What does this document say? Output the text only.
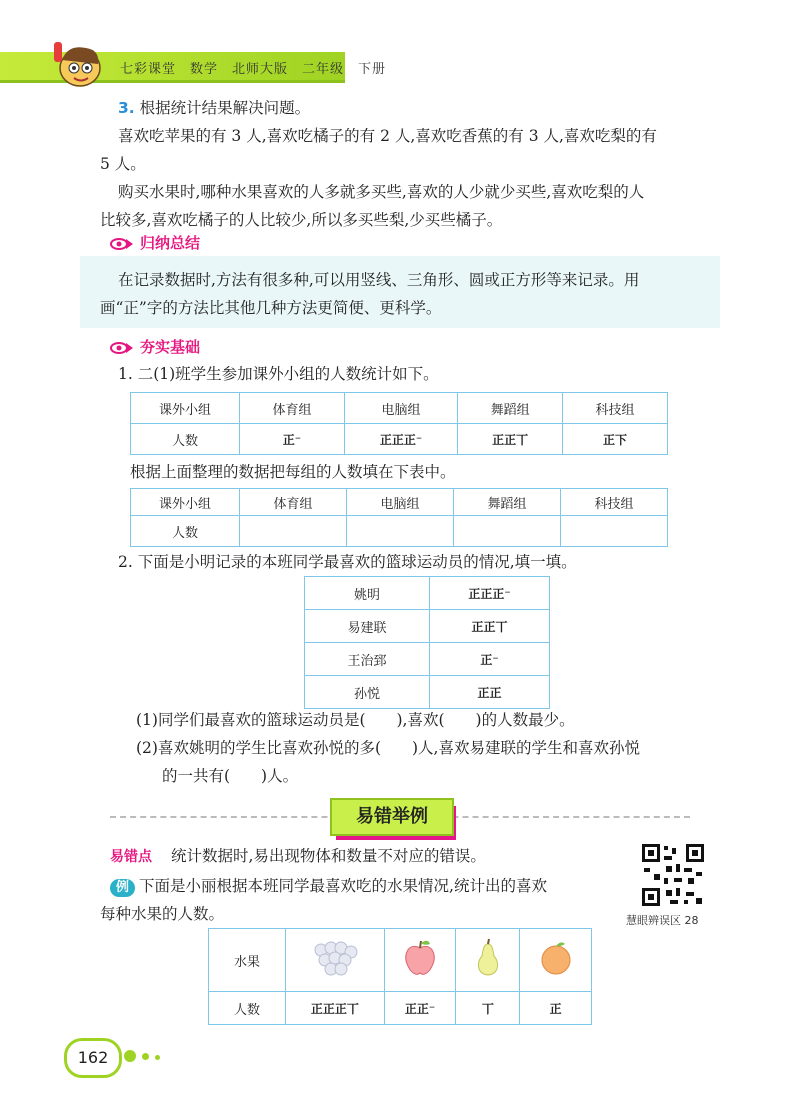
七彩课堂　数学　北师大版　二年级　下册
3. 根据统计结果解决问题。
喜欢吃苹果的有 3 人,喜欢吃橘子的有 2 人,喜欢吃香蕉的有 3 人,喜欢吃梨的有
5 人。
购买水果时,哪种水果喜欢的人多就多买些,喜欢的人少就少买些,喜欢吃梨的人
比较多,喜欢吃橘子的人比较少,所以多买些梨,少买些橘子。
归纳总结
在记录数据时,方法有很多种,可以用竖线、三角形、圆或正方形等来记录。用
画“正”字的方法比其他几种方法更简便、更科学。
夯实基础
1. 二(1)班学生参加课外小组的人数统计如下。
课外小组	体育组	电脑组	舞蹈组	科技组
人数	正⁻	正正正⁻	正正丅	正下
根据上面整理的数据把每组的人数填在下表中。
课外小组	体育组	电脑组	舞蹈组	科技组
人数				
2. 下面是小明记录的本班同学最喜欢的篮球运动员的情况,填一填。
姚明	正正正⁻
易建联	正正丅
王治郅	正⁻
孙悦	正正
(1)同学们最喜欢的篮球运动员是(　　),喜欢(　　)的人数最少。
(2)喜欢姚明的学生比喜欢孙悦的多(　　)人,喜欢易建联的学生和喜欢孙悦
的一共有(　　)人。
易错举例
易错点 统计数据时,易出现物体和数量不对应的错误。
例 下面是小丽根据本班同学最喜欢吃的水果情况,统计出的喜欢
每种水果的人数。	慧眼辨误区 28
水果				
人数	正正正丅	正正⁻	丅	正
162
